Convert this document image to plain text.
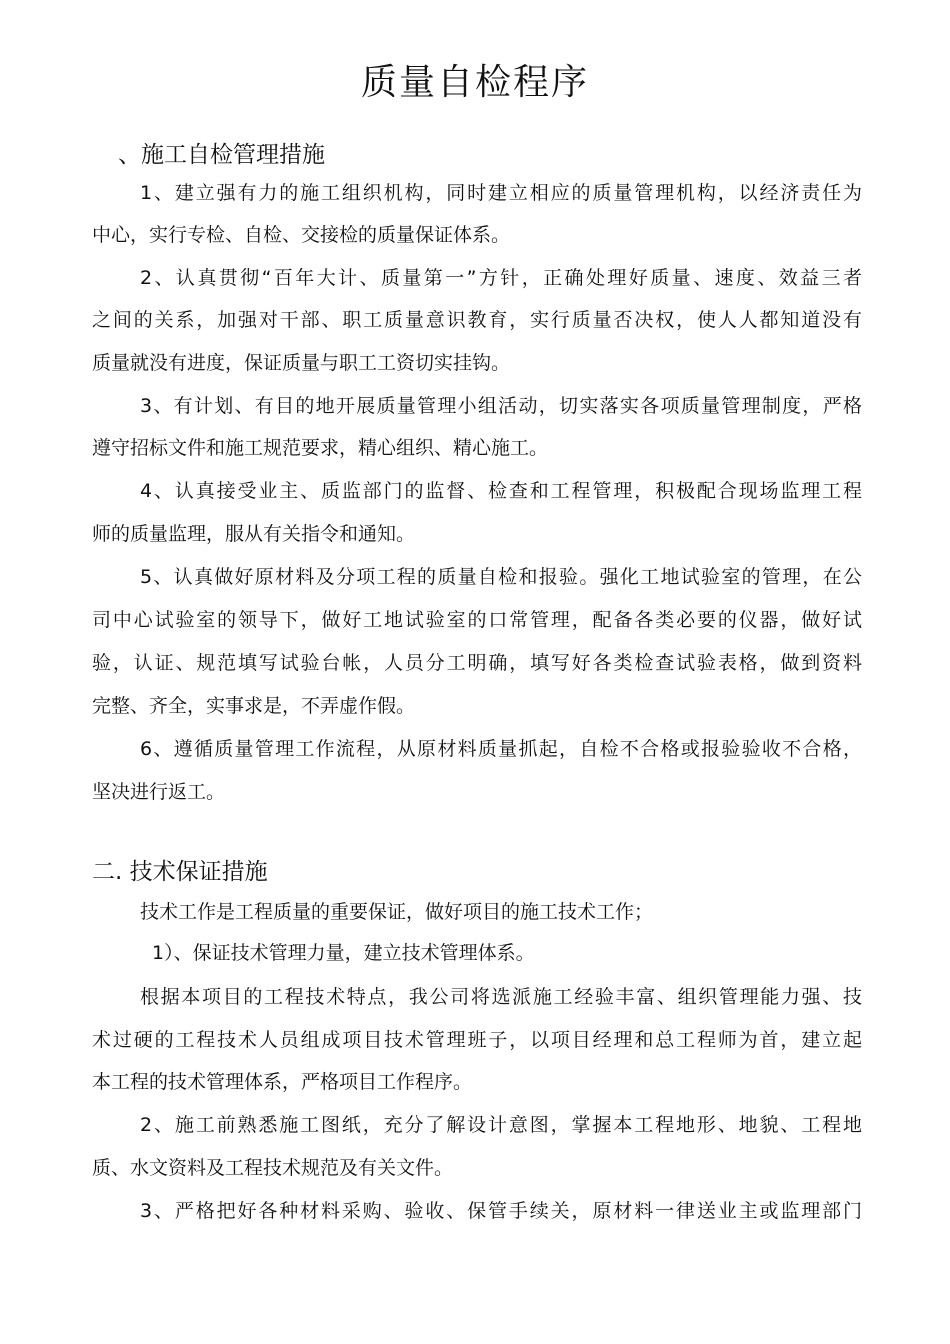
质量自检程序
、施工自检管理措施
1、建立强有力的施工组织机构，同时建立相应的质量管理机构，以经济责任为
中心，实行专检、自检、交接检的质量保证体系。
2、认真贯彻“百年大计、质量第一”方针，正确处理好质量、速度、效益三者
之间的关系，加强对干部、职工质量意识教育，实行质量否决权，使人人都知道没有
质量就没有进度，保证质量与职工工资切实挂钩。
3、有计划、有目的地开展质量管理小组活动，切实落实各项质量管理制度，严格
遵守招标文件和施工规范要求，精心组织、精心施工。
4、认真接受业主、质监部门的监督、检查和工程管理，积极配合现场监理工程
师的质量监理，服从有关指令和通知。
5、认真做好原材料及分项工程的质量自检和报验。强化工地试验室的管理，在公
司中心试验室的领导下，做好工地试验室的口常管理，配备各类必要的仪器，做好试
验，认证、规范填写试验台帐，人员分工明确，填写好各类检查试验表格，做到资料
完整、齐全，实事求是，不弄虚作假。
6、遵循质量管理工作流程，从原材料质量抓起，自检不合格或报验验收不合格，
坚决进行返工。
二. 技术保证措施
技术工作是工程质量的重要保证，做好项目的施工技术工作；
1）、保证技术管理力量，建立技术管理体系。
根据本项目的工程技术特点，我公司将选派施工经验丰富、组织管理能力强、技
术过硬的工程技术人员组成项目技术管理班子，以项目经理和总工程师为首，建立起
本工程的技术管理体系，严格项目工作程序。
2、施工前熟悉施工图纸，充分了解设计意图，掌握本工程地形、地貌、工程地
质、水文资料及工程技术规范及有关文件。
3、严格把好各种材料采购、验收、保管手续关，原材料一律送业主或监理部门
